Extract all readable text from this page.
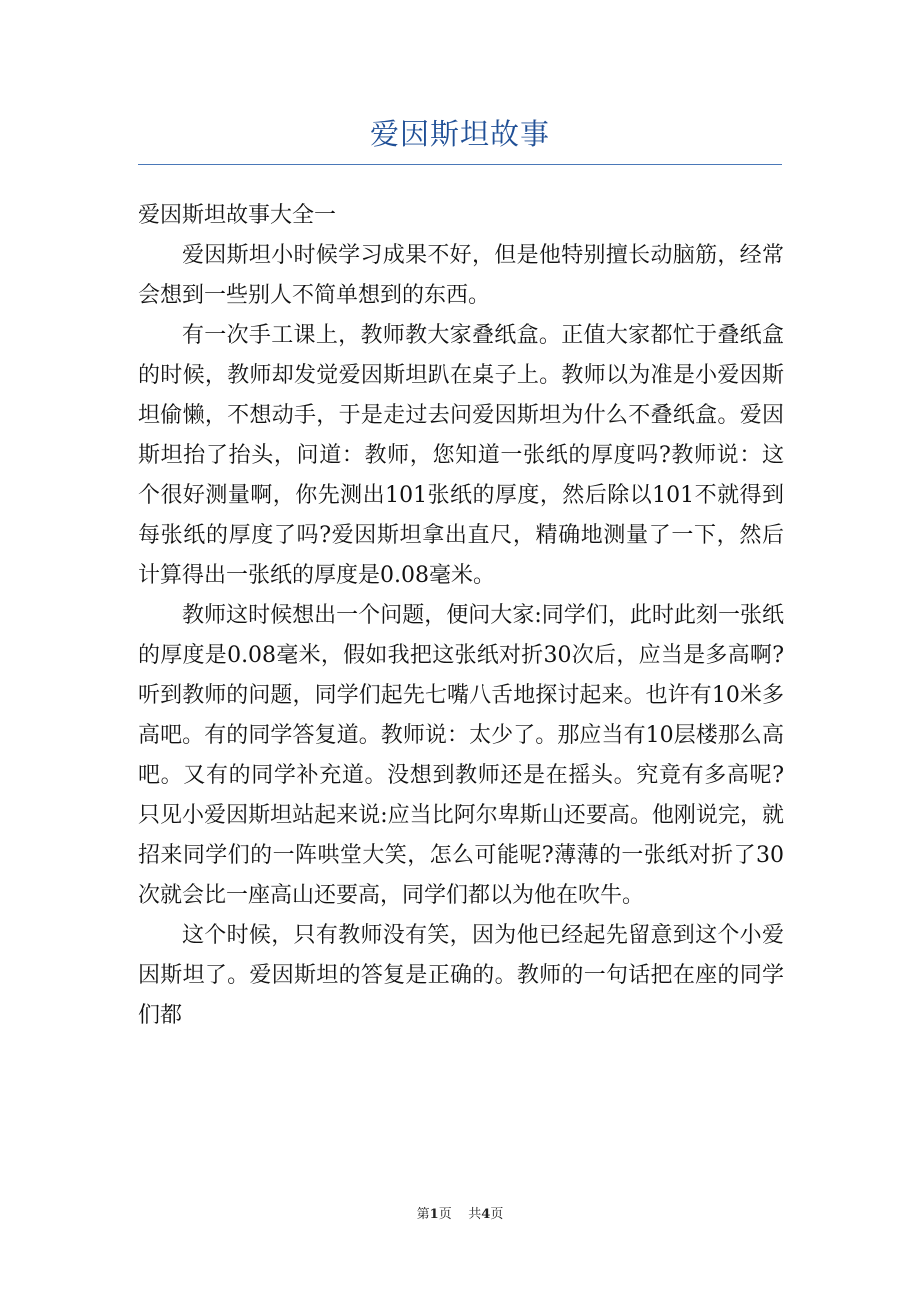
爱因斯坦故事

爱因斯坦故事大全一

爱因斯坦小时候学习成果不好，但是他特别擅长动脑筋，经常会想到一些别人不简单想到的东西。

有一次手工课上，教师教大家叠纸盒。正值大家都忙于叠纸盒的时候，教师却发觉爱因斯坦趴在桌子上。教师以为准是小爱因斯坦偷懒，不想动手，于是走过去问爱因斯坦为什么不叠纸盒。爱因斯坦抬了抬头，问道：教师，您知道一张纸的厚度吗?教师说：这个很好测量啊，你先测出101张纸的厚度，然后除以101不就得到每张纸的厚度了吗?爱因斯坦拿出直尺，精确地测量了一下，然后计算得出一张纸的厚度是0.08毫米。

教师这时候想出一个问题，便问大家:同学们，此时此刻一张纸的厚度是0.08毫米，假如我把这张纸对折30次后，应当是多高啊?听到教师的问题，同学们起先七嘴八舌地探讨起来。也许有10米多高吧。有的同学答复道。教师说：太少了。那应当有10层楼那么高吧。又有的同学补充道。没想到教师还是在摇头。究竟有多高呢?只见小爱因斯坦站起来说:应当比阿尔卑斯山还要高。他刚说完，就招来同学们的一阵哄堂大笑，怎么可能呢?薄薄的一张纸对折了30次就会比一座高山还要高，同学们都以为他在吹牛。

这个时候，只有教师没有笑，因为他已经起先留意到这个小爱因斯坦了。爱因斯坦的答复是正确的。教师的一句话把在座的同学们都

第1页 共4页
